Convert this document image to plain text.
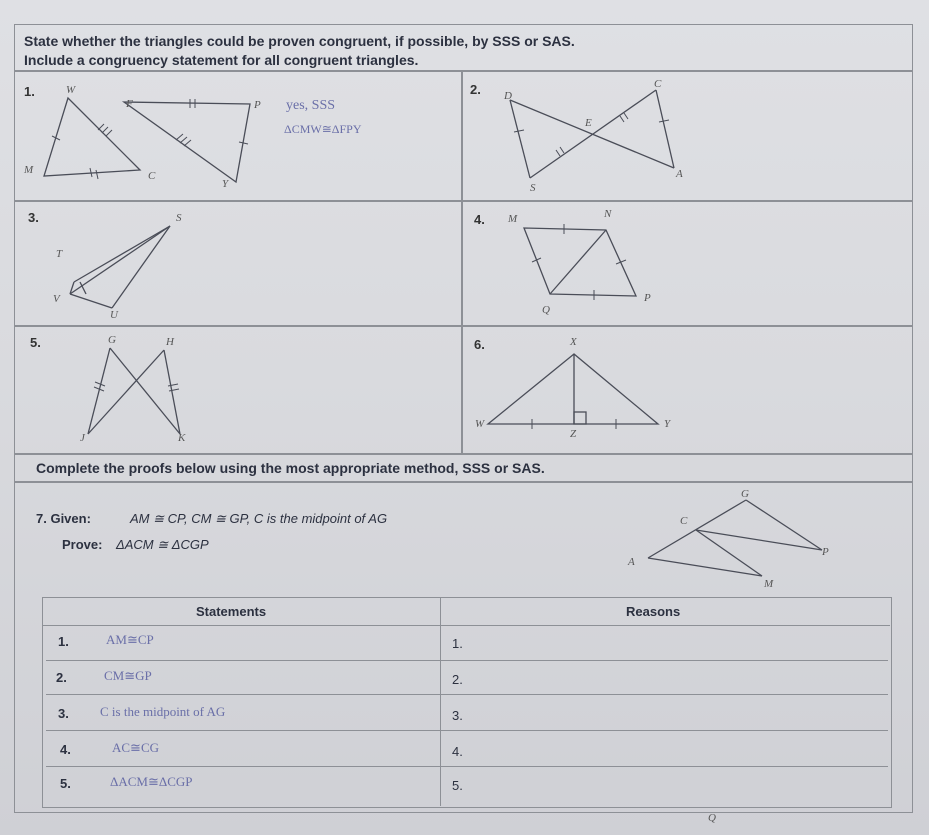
State whether the triangles could be proven congruent, if possible, by SSS or SAS.
Include a congruency statement for all congruent triangles.
1.	2.
3.	4.
5.	6.
W
F	P
M	C
Y
yes, SSS
ΔCMW≅ΔFPY
D
C
E
A
S
S
T
V
U
M	N
Q
P
G	H
J	K
X
W
Z
Y
Complete the proofs below using the most appropriate method, SSS or SAS.
7. Given:	AM ≅ CP, CM ≅ GP, C is the midpoint of AG
Prove: ΔACM ≅ ΔCGP
G
C
A
P
M
Statements	Reasons
1.	AM≅CP	1.
2.	CM≅GP	2.
3. C is the midpoint of AG	3.
4.	AC≅CG	4.
5.	ΔACM≅ΔCGP	5.
Q
